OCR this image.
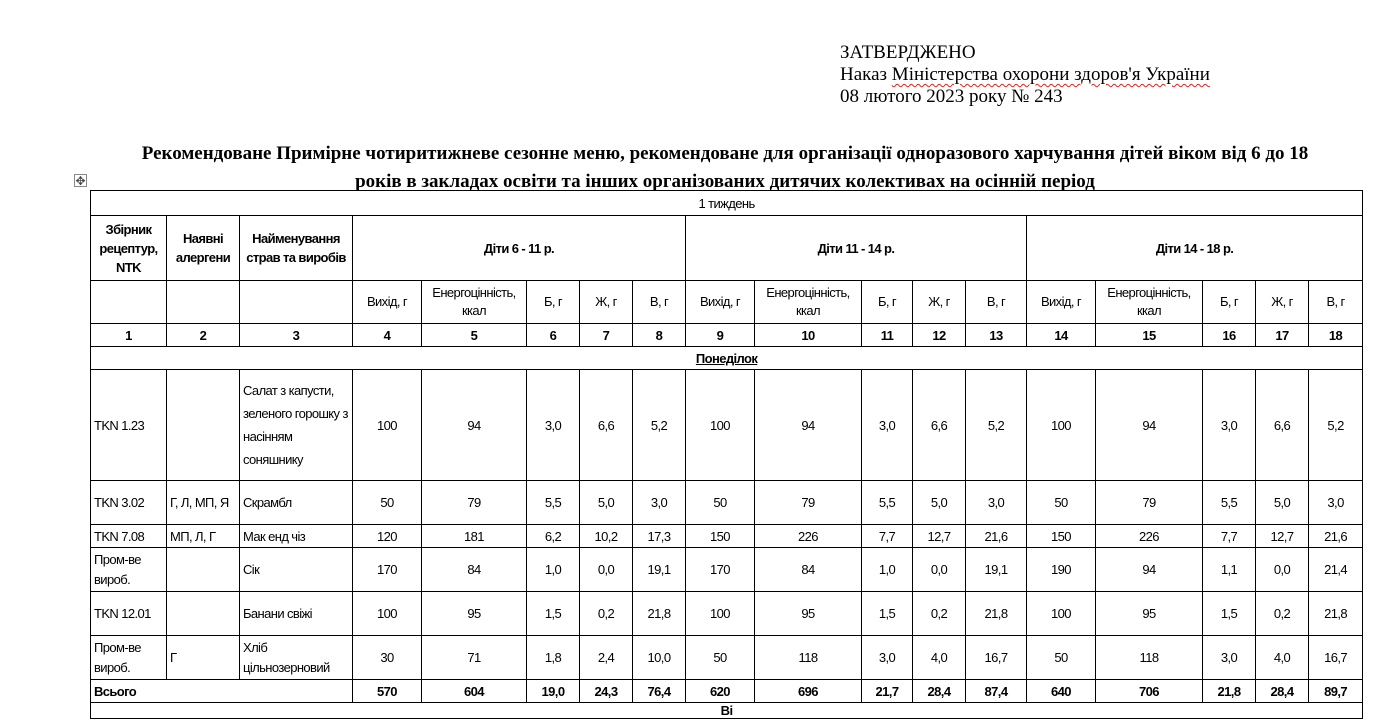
ЗАТВЕРДЖЕНО
Наказ Міністерства охорони здоров'я України
08 лютого 2023 року № 243
Рекомендоване Примірне чотиритижневе сезонне меню, рекомендоване для організації одноразового харчування дітей віком від 6 до 18
років в закладах освіти та інших організованих дитячих колективах на осінній період
✥
1 тиждень																	
Збірник рецептур, NTK	Наявні алергени	Найменування страв та виробів	Діти 6 - 11 р.					Діти 11 - 14 р.					Діти 14 - 18 р.				
			Вихід, г	Енергоцінність, ккал	Б, г	Ж, г	В, г	Вихід, г	Енергоцінність, ккал	Б, г	Ж, г	В, г	Вихід, г	Енергоцінність, ккал	Б, г	Ж, г	В, г
1	2	3	4	5	6	7	8	9	10	11	12	13	14	15	16	17	18
Понеділок																	
TKN 1.23		Салат з капусти, зеленого горошку з насінням соняшнику	100	94	3,0	6,6	5,2	100	94	3,0	6,6	5,2	100	94	3,0	6,6	5,2
TKN 3.02	Г, Л, МП, Я	Скрамбл	50	79	5,5	5,0	3,0	50	79	5,5	5,0	3,0	50	79	5,5	5,0	3,0
TKN 7.08	МП, Л, Г	Мак енд чіз	120	181	6,2	10,2	17,3	150	226	7,7	12,7	21,6	150	226	7,7	12,7	21,6
Пром-ве вироб.		Сік	170	84	1,0	0,0	19,1	170	84	1,0	0,0	19,1	190	94	1,1	0,0	21,4
TKN 12.01		Банани свіжі	100	95	1,5	0,2	21,8	100	95	1,5	0,2	21,8	100	95	1,5	0,2	21,8
Пром-ве вироб.	Г	Хліб цільнозерновий	30	71	1,8	2,4	10,0	50	118	3,0	4,0	16,7	50	118	3,0	4,0	16,7
Всього			570	604	19,0	24,3	76,4	620	696	21,7	28,4	87,4	640	706	21,8	28,4	89,7
Ві																	
